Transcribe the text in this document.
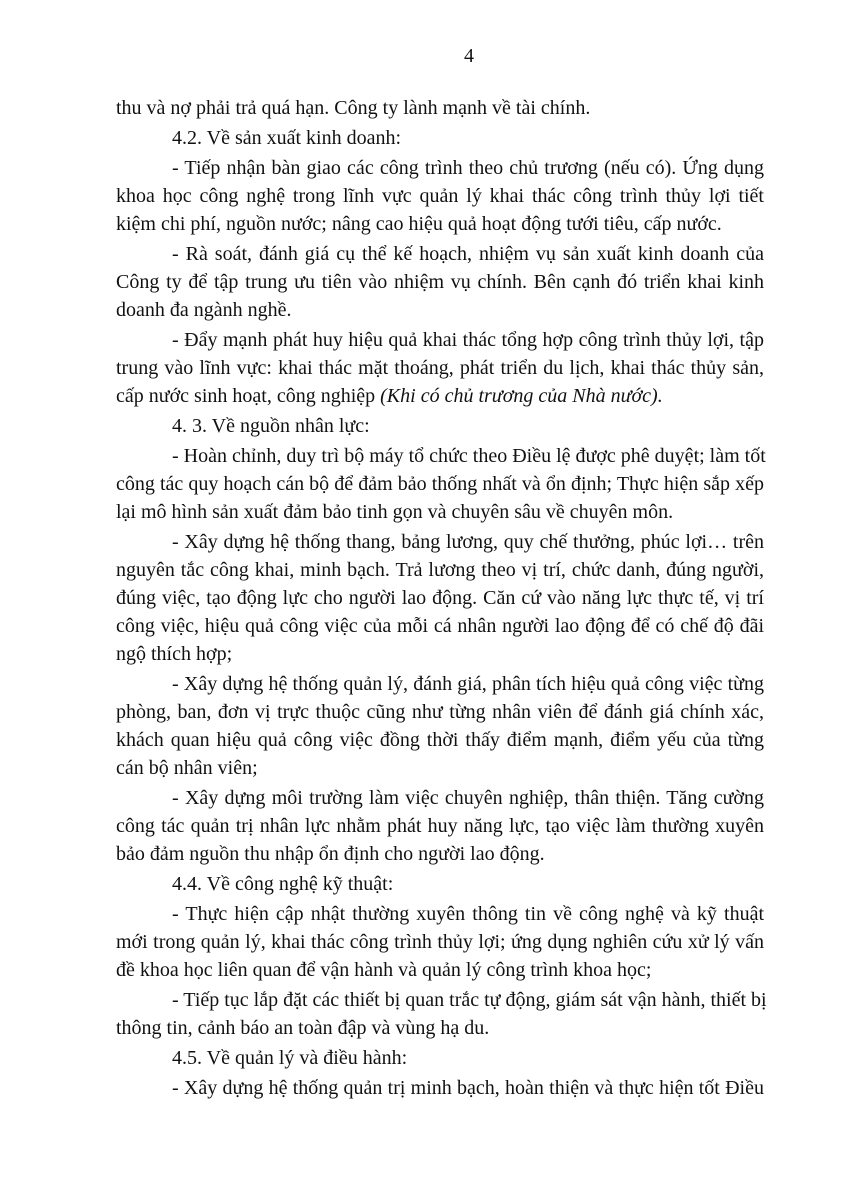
4
thu và nợ phải trả quá hạn. Công ty lành mạnh về tài chính.
4.2. Về sản xuất kinh doanh:
- Tiếp nhận bàn giao các công trình theo chủ trương (nếu có). Ứng dụng
khoa học công nghệ trong lĩnh vực quản lý khai thác công trình thủy lợi tiết
kiệm chi phí, nguồn nước; nâng cao hiệu quả hoạt động tưới tiêu, cấp nước.
- Rà soát, đánh giá cụ thể kế hoạch, nhiệm vụ sản xuất kinh doanh của
Công ty để tập trung ưu tiên vào nhiệm vụ chính. Bên cạnh đó triển khai kinh
doanh đa ngành nghề.
- Đẩy mạnh phát huy hiệu quả khai thác tổng hợp công trình thủy lợi, tập
trung vào lĩnh vực: khai thác mặt thoáng, phát triển du lịch, khai thác thủy sản,
cấp nước sinh hoạt, công nghiệp (Khi có chủ trương của Nhà nước).
4. 3. Về nguồn nhân lực:
- Hoàn chỉnh, duy trì bộ máy tổ chức theo Điều lệ được phê duyệt; làm tốt
công tác quy hoạch cán bộ để đảm bảo thống nhất và ổn định; Thực hiện sắp xếp
lại mô hình sản xuất đảm bảo tinh gọn và chuyên sâu về chuyên môn.
- Xây dựng hệ thống thang, bảng lương, quy chế thưởng, phúc lợi… trên
nguyên tắc công khai, minh bạch. Trả lương theo vị trí, chức danh, đúng người,
đúng việc, tạo động lực cho người lao động. Căn cứ vào năng lực thực tế, vị trí
công việc, hiệu quả công việc của mỗi cá nhân người lao động để có chế độ đãi
ngộ thích hợp;
- Xây dựng hệ thống quản lý, đánh giá, phân tích hiệu quả công việc từng
phòng, ban, đơn vị trực thuộc cũng như từng nhân viên để đánh giá chính xác,
khách quan hiệu quả công việc đồng thời thấy điểm mạnh, điểm yếu của từng
cán bộ nhân viên;
- Xây dựng môi trường làm việc chuyên nghiệp, thân thiện. Tăng cường
công tác quản trị nhân lực nhằm phát huy năng lực, tạo việc làm thường xuyên
bảo đảm nguồn thu nhập ổn định cho người lao động.
4.4. Về công nghệ kỹ thuật:
- Thực hiện cập nhật thường xuyên thông tin về công nghệ và kỹ thuật
mới trong quản lý, khai thác công trình thủy lợi; ứng dụng nghiên cứu xử lý vấn
đề khoa học liên quan để vận hành và quản lý công trình khoa học;
- Tiếp tục lắp đặt các thiết bị quan trắc tự động, giám sát vận hành, thiết bị
thông tin, cảnh báo an toàn đập và vùng hạ du.
4.5. Về quản lý và điều hành:
- Xây dựng hệ thống quản trị minh bạch, hoàn thiện và thực hiện tốt Điều
